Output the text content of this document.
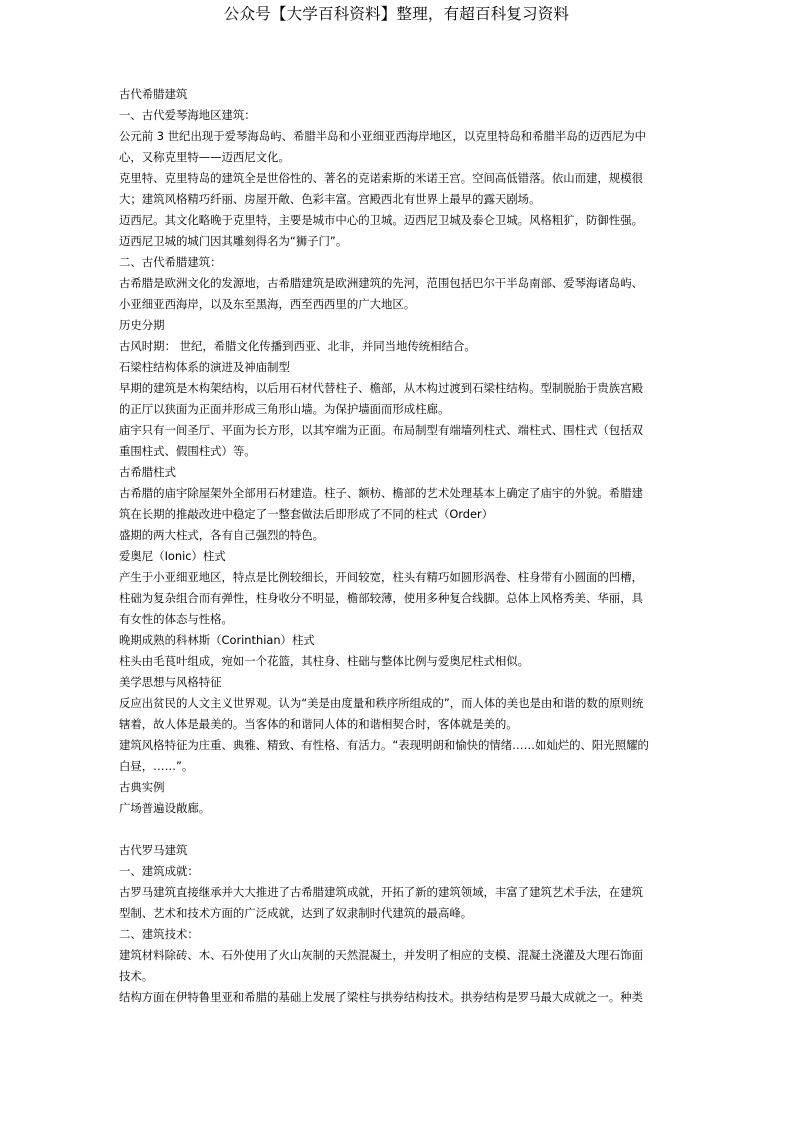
公众号【大学百科资料】整理，有超百科复习资料
古代希腊建筑
一、古代爱琴海地区建筑：
公元前 3 世纪出现于爱琴海岛屿、希腊半岛和小亚细亚西海岸地区，以克里特岛和希腊半岛的迈西尼为中
心，又称克里特——迈西尼文化。
克里特、克里特岛的建筑全是世俗性的、著名的克诺索斯的米诺王宫。空间高低错落。依山而建，规模很
大；建筑风格精巧纤丽、房屋开敞、色彩丰富。宫殿西北有世界上最早的露天剧场。
迈西尼。其文化略晚于克里特，主要是城市中心的卫城。迈西尼卫城及泰仑卫城。风格粗犷，防御性强。
迈西尼卫城的城门因其雕刻得名为“狮子门”。
二、古代希腊建筑：
古希腊是欧洲文化的发源地，古希腊建筑是欧洲建筑的先河，范围包括巴尔干半岛南部、爱琴海诸岛屿、
小亚细亚西海岸，以及东至黑海，西至西西里的广大地区。
历史分期
古风时期： 世纪，希腊文化传播到西亚、北非，并同当地传统相结合。
石梁柱结构体系的演进及神庙制型
早期的建筑是木构架结构，以后用石材代替柱子、檐部，从木构过渡到石梁柱结构。型制脱胎于贵族宫殿
的正厅以狭面为正面并形成三角形山墙。为保护墙面而形成柱廊。
庙宇只有一间圣厅、平面为长方形，以其窄端为正面。布局制型有端墙列柱式、端柱式、围柱式（包括双
重围柱式、假围柱式）等。
古希腊柱式
古希腊的庙宇除屋架外全部用石材建造。柱子、额枋、檐部的艺术处理基本上确定了庙宇的外貌。希腊建
筑在长期的推敲改进中稳定了一整套做法后即形成了不同的柱式（Order）
盛期的两大柱式，各有自己强烈的特色。
爱奥尼（Ionic）柱式
产生于小亚细亚地区，特点是比例较细长，开间较宽，柱头有精巧如圆形涡卷、柱身带有小圆面的凹槽，
柱础为复杂组合而有弹性，柱身收分不明显，檐部较薄，使用多种复合线脚。总体上风格秀美、华丽，具
有女性的体态与性格。
晚期成熟的科林斯（Corinthian）柱式
柱头由毛茛叶组成，宛如一个花篮，其柱身、柱础与整体比例与爱奥尼柱式相似。
美学思想与风格特征
反应出贫民的人文主义世界观。认为“美是由度量和秩序所组成的”，而人体的美也是由和谐的数的原则统
辖着，故人体是最美的。当客体的和谐同人体的和谐相契合时，客体就是美的。
建筑风格特征为庄重、典雅、精致、有性格、有活力。“表现明朗和愉快的情绪……如灿烂的、阳光照耀的
白昼，……”。
古典实例
广场普遍设敞廊。
古代罗马建筑
一、建筑成就：
古罗马建筑直接继承并大大推进了古希腊建筑成就，开拓了新的建筑领域，丰富了建筑艺术手法，在建筑
型制、艺术和技术方面的广泛成就，达到了奴隶制时代建筑的最高峰。
二、建筑技术：
建筑材料除砖、木、石外使用了火山灰制的天然混凝土，并发明了相应的支模、混凝土浇灌及大理石饰面
技术。
结构方面在伊特鲁里亚和希腊的基础上发展了梁柱与拱券结构技术。拱券结构是罗马最大成就之一。种类
